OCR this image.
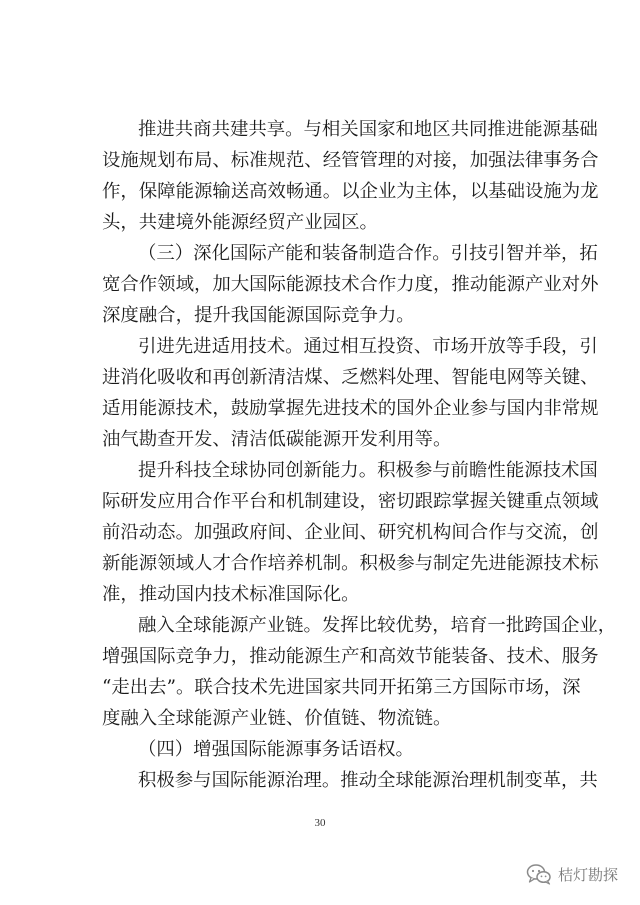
推进共商共建共享。与相关国家和地区共同推进能源基础
设施规划布局、标准规范、经管管理的对接，加强法律事务合
作，保障能源输送高效畅通。以企业为主体，以基础设施为龙
头，共建境外能源经贸产业园区。
（三）深化国际产能和装备制造合作。引技引智并举，拓
宽合作领域，加大国际能源技术合作力度，推动能源产业对外
深度融合，提升我国能源国际竞争力。
引进先进适用技术。通过相互投资、市场开放等手段，引
进消化吸收和再创新清洁煤、乏燃料处理、智能电网等关键、
适用能源技术，鼓励掌握先进技术的国外企业参与国内非常规
油气勘查开发、清洁低碳能源开发利用等。
提升科技全球协同创新能力。积极参与前瞻性能源技术国
际研发应用合作平台和机制建设，密切跟踪掌握关键重点领域
前沿动态。加强政府间、企业间、研究机构间合作与交流，创
新能源领域人才合作培养机制。积极参与制定先进能源技术标
准，推动国内技术标准国际化。
融入全球能源产业链。发挥比较优势，培育一批跨国企业，
增强国际竞争力，推动能源生产和高效节能装备、技术、服务
“走出去”。联合技术先进国家共同开拓第三方国际市场，深
度融入全球能源产业链、价值链、物流链。
（四）增强国际能源事务话语权。
积极参与国际能源治理。推动全球能源治理机制变革，共
30
桔灯勘探
